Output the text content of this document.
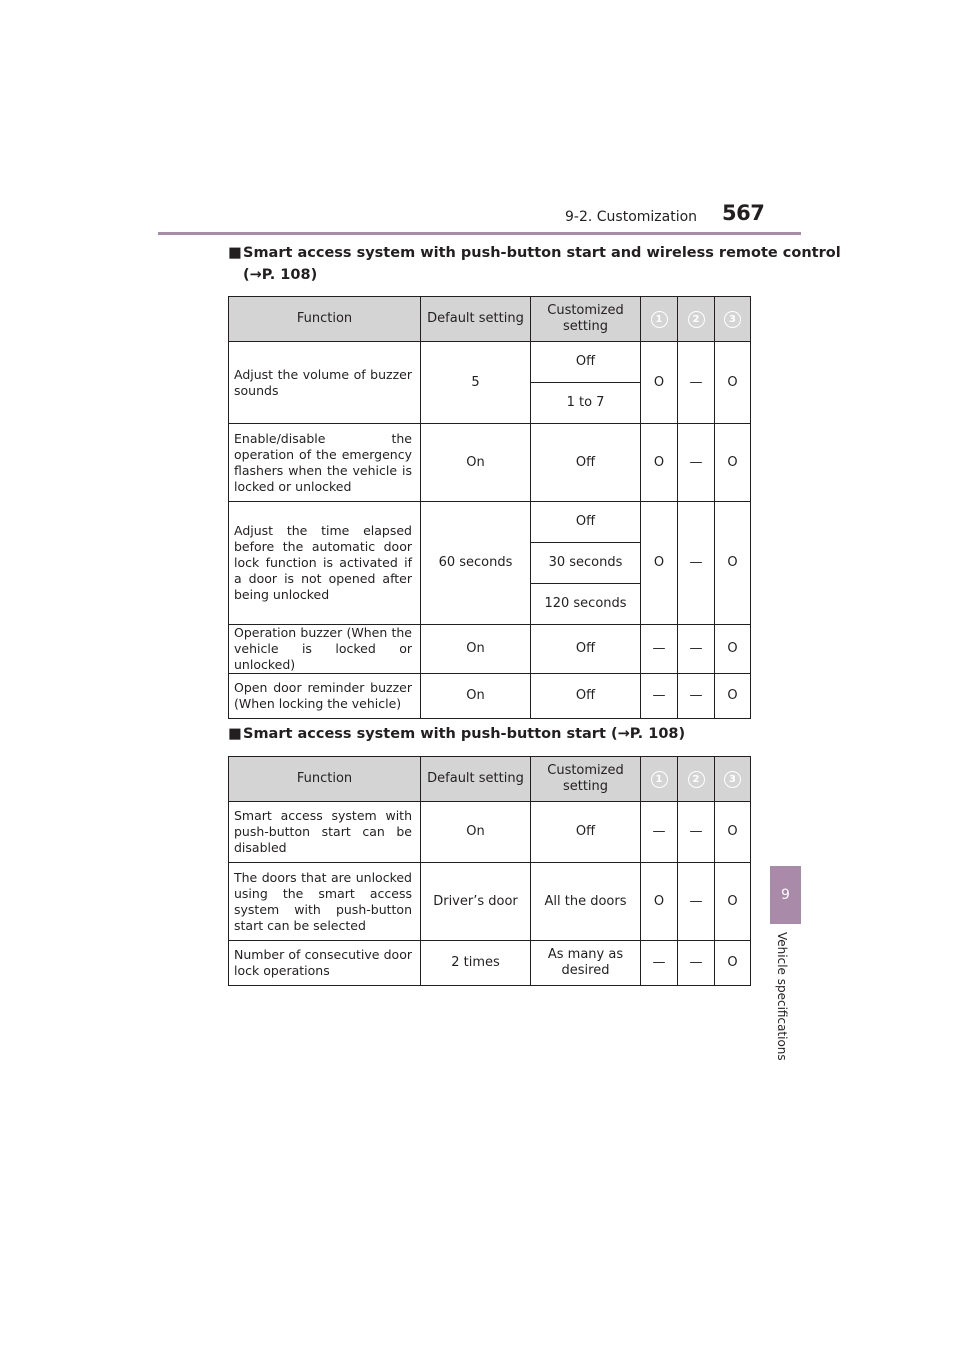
567
9-2. Customization
9
Vehicle specifications
■ Smart access system with push-button start and wireless remote control
(→P. 108)
Function	Default setting	Customized setting	1	2	3
Adjust the volume of buzzer sounds	5	Off	O	—	O
		1 to 7			
Enable/disable the operation of the emergency flashers when the vehicle is locked or unlocked	On	Off	O	—	O
Adjust the time elapsed before the automatic door lock function is activated if a door is not opened after being unlocked	60 seconds	Off	O	—	O
		30 seconds			
		120 seconds			
Operation buzzer (When the vehicle is locked or unlocked)	On	Off	—	—	O
Open door reminder buzzer (When locking the vehicle)	On	Off	—	—	O
■ Smart access system with push-button start (→P. 108)
Function	Default setting	Customized setting	1	2	3
Smart access system with push-button start can be disabled	On	Off	—	—	O
The doors that are unlocked using the smart access system with push-button start can be selected	Driver’s door	All the doors	O	—	O
Number of consecutive door lock operations	2 times	As many as desired	—	—	O
